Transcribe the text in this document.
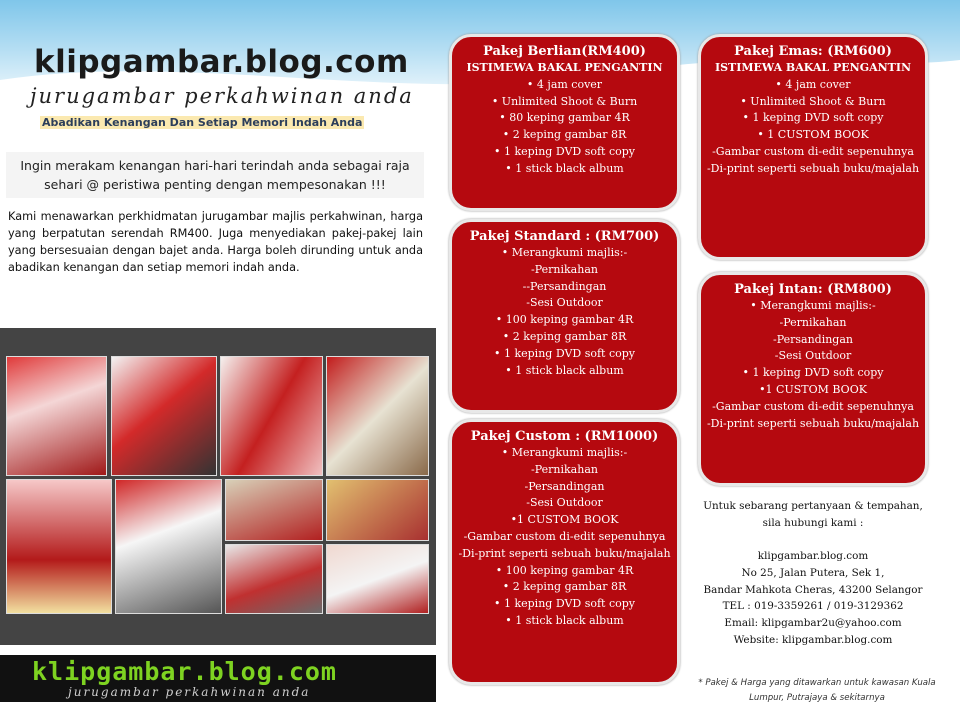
klipgambar.blog.com
jurugambar perkahwinan anda
Abadikan Kenangan Dan Setiap Memori Indah Anda
Ingin merakam kenangan hari-hari terindah anda sebagai raja sehari @ peristiwa penting dengan mempesonakan !!!
Kami menawarkan perkhidmatan jurugambar majlis perkahwinan, harga yang berpatutan serendah RM400. Juga menyediakan pakej-pakej lain yang bersesuaian dengan bajet anda. Harga boleh dirunding untuk anda abadikan kenangan dan setiap memori indah anda.
klipgambar.blog.com
jurugambar perkahwinan anda
Pakej Berlian(RM400)
ISTIMEWA BAKAL PENGANTIN
• 4 jam cover
• Unlimited Shoot & Burn
• 80 keping gambar 4R
• 2 keping gambar 8R
• 1 keping DVD soft copy
• 1 stick black album
Pakej Standard : (RM700)
• Merangkumi majlis:-
-Pernikahan
--Persandingan
-Sesi Outdoor
• 100 keping gambar 4R
• 2 keping gambar 8R
• 1 keping DVD soft copy
• 1 stick black album
Pakej Custom : (RM1000)
• Merangkumi majlis:-
-Pernikahan
-Persandingan
-Sesi Outdoor
•1 CUSTOM BOOK
-Gambar custom di-edit sepenuhnya
-Di-print seperti sebuah buku/majalah
• 100 keping gambar 4R
• 2 keping gambar 8R
• 1 keping DVD soft copy
• 1 stick black album
Pakej Emas: (RM600)
ISTIMEWA BAKAL PENGANTIN
• 4 jam cover
• Unlimited Shoot & Burn
• 1 keping DVD soft copy
• 1 CUSTOM BOOK
-Gambar custom di-edit sepenuhnya
-Di-print seperti sebuah buku/majalah
Pakej Intan: (RM800)
• Merangkumi majlis:-
-Pernikahan
-Persandingan
-Sesi Outdoor
• 1 keping DVD soft copy
•1 CUSTOM BOOK
-Gambar custom di-edit sepenuhnya
-Di-print seperti sebuah buku/majalah
Untuk sebarang pertanyaan & tempahan, sila hubungi kami :

klipgambar.blog.com
No 25, Jalan Putera, Sek 1,
Bandar Mahkota Cheras, 43200 Selangor
TEL : 019-3359261 / 019-3129362
Email: klipgambar2u@yahoo.com
Website: klipgambar.blog.com
* Pakej & Harga yang ditawarkan untuk kawasan Kuala Lumpur, Putrajaya & sekitarnya
